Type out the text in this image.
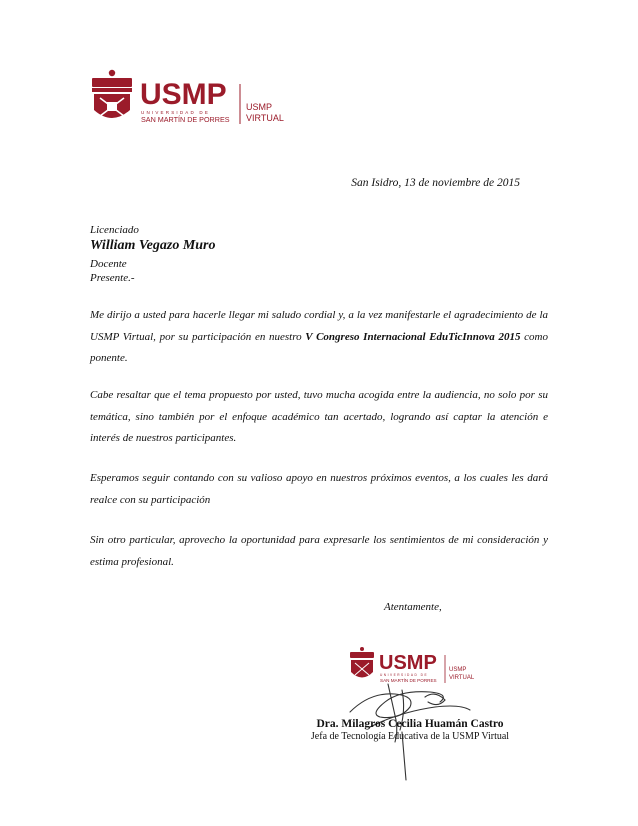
USMP
UNIVERSIDAD DE
SAN MARTÍN DE PORRES
USMP
VIRTUAL
San Isidro, 13 de noviembre de 2015
Licenciado
William Vegazo Muro
Docente
Presente.-
Me dirijo a usted para hacerle llegar mi saludo cordial y, a la vez manifestarle el agradecimiento de la USMP Virtual, por su participación en nuestro V Congreso Internacional EduTicInnova 2015 como ponente.
Cabe resaltar que el tema propuesto por usted, tuvo mucha acogida entre la audiencia, no solo por su temática, sino también por el enfoque académico tan acertado, logrando así captar la atención e interés de nuestros participantes.
Esperamos seguir contando con su valioso apoyo en nuestros próximos eventos, a los cuales les dará realce con su participación
Sin otro particular, aprovecho la oportunidad para expresarle los sentimientos de mi consideración y estima profesional.
Atentamente,
USMP
UNIVERSIDAD DE
SAN MARTÍN DE PORRES
USMP
VIRTUAL
Dra. Milagros Cecilia Huamán Castro
Jefa de Tecnología Educativa de la USMP Virtual
